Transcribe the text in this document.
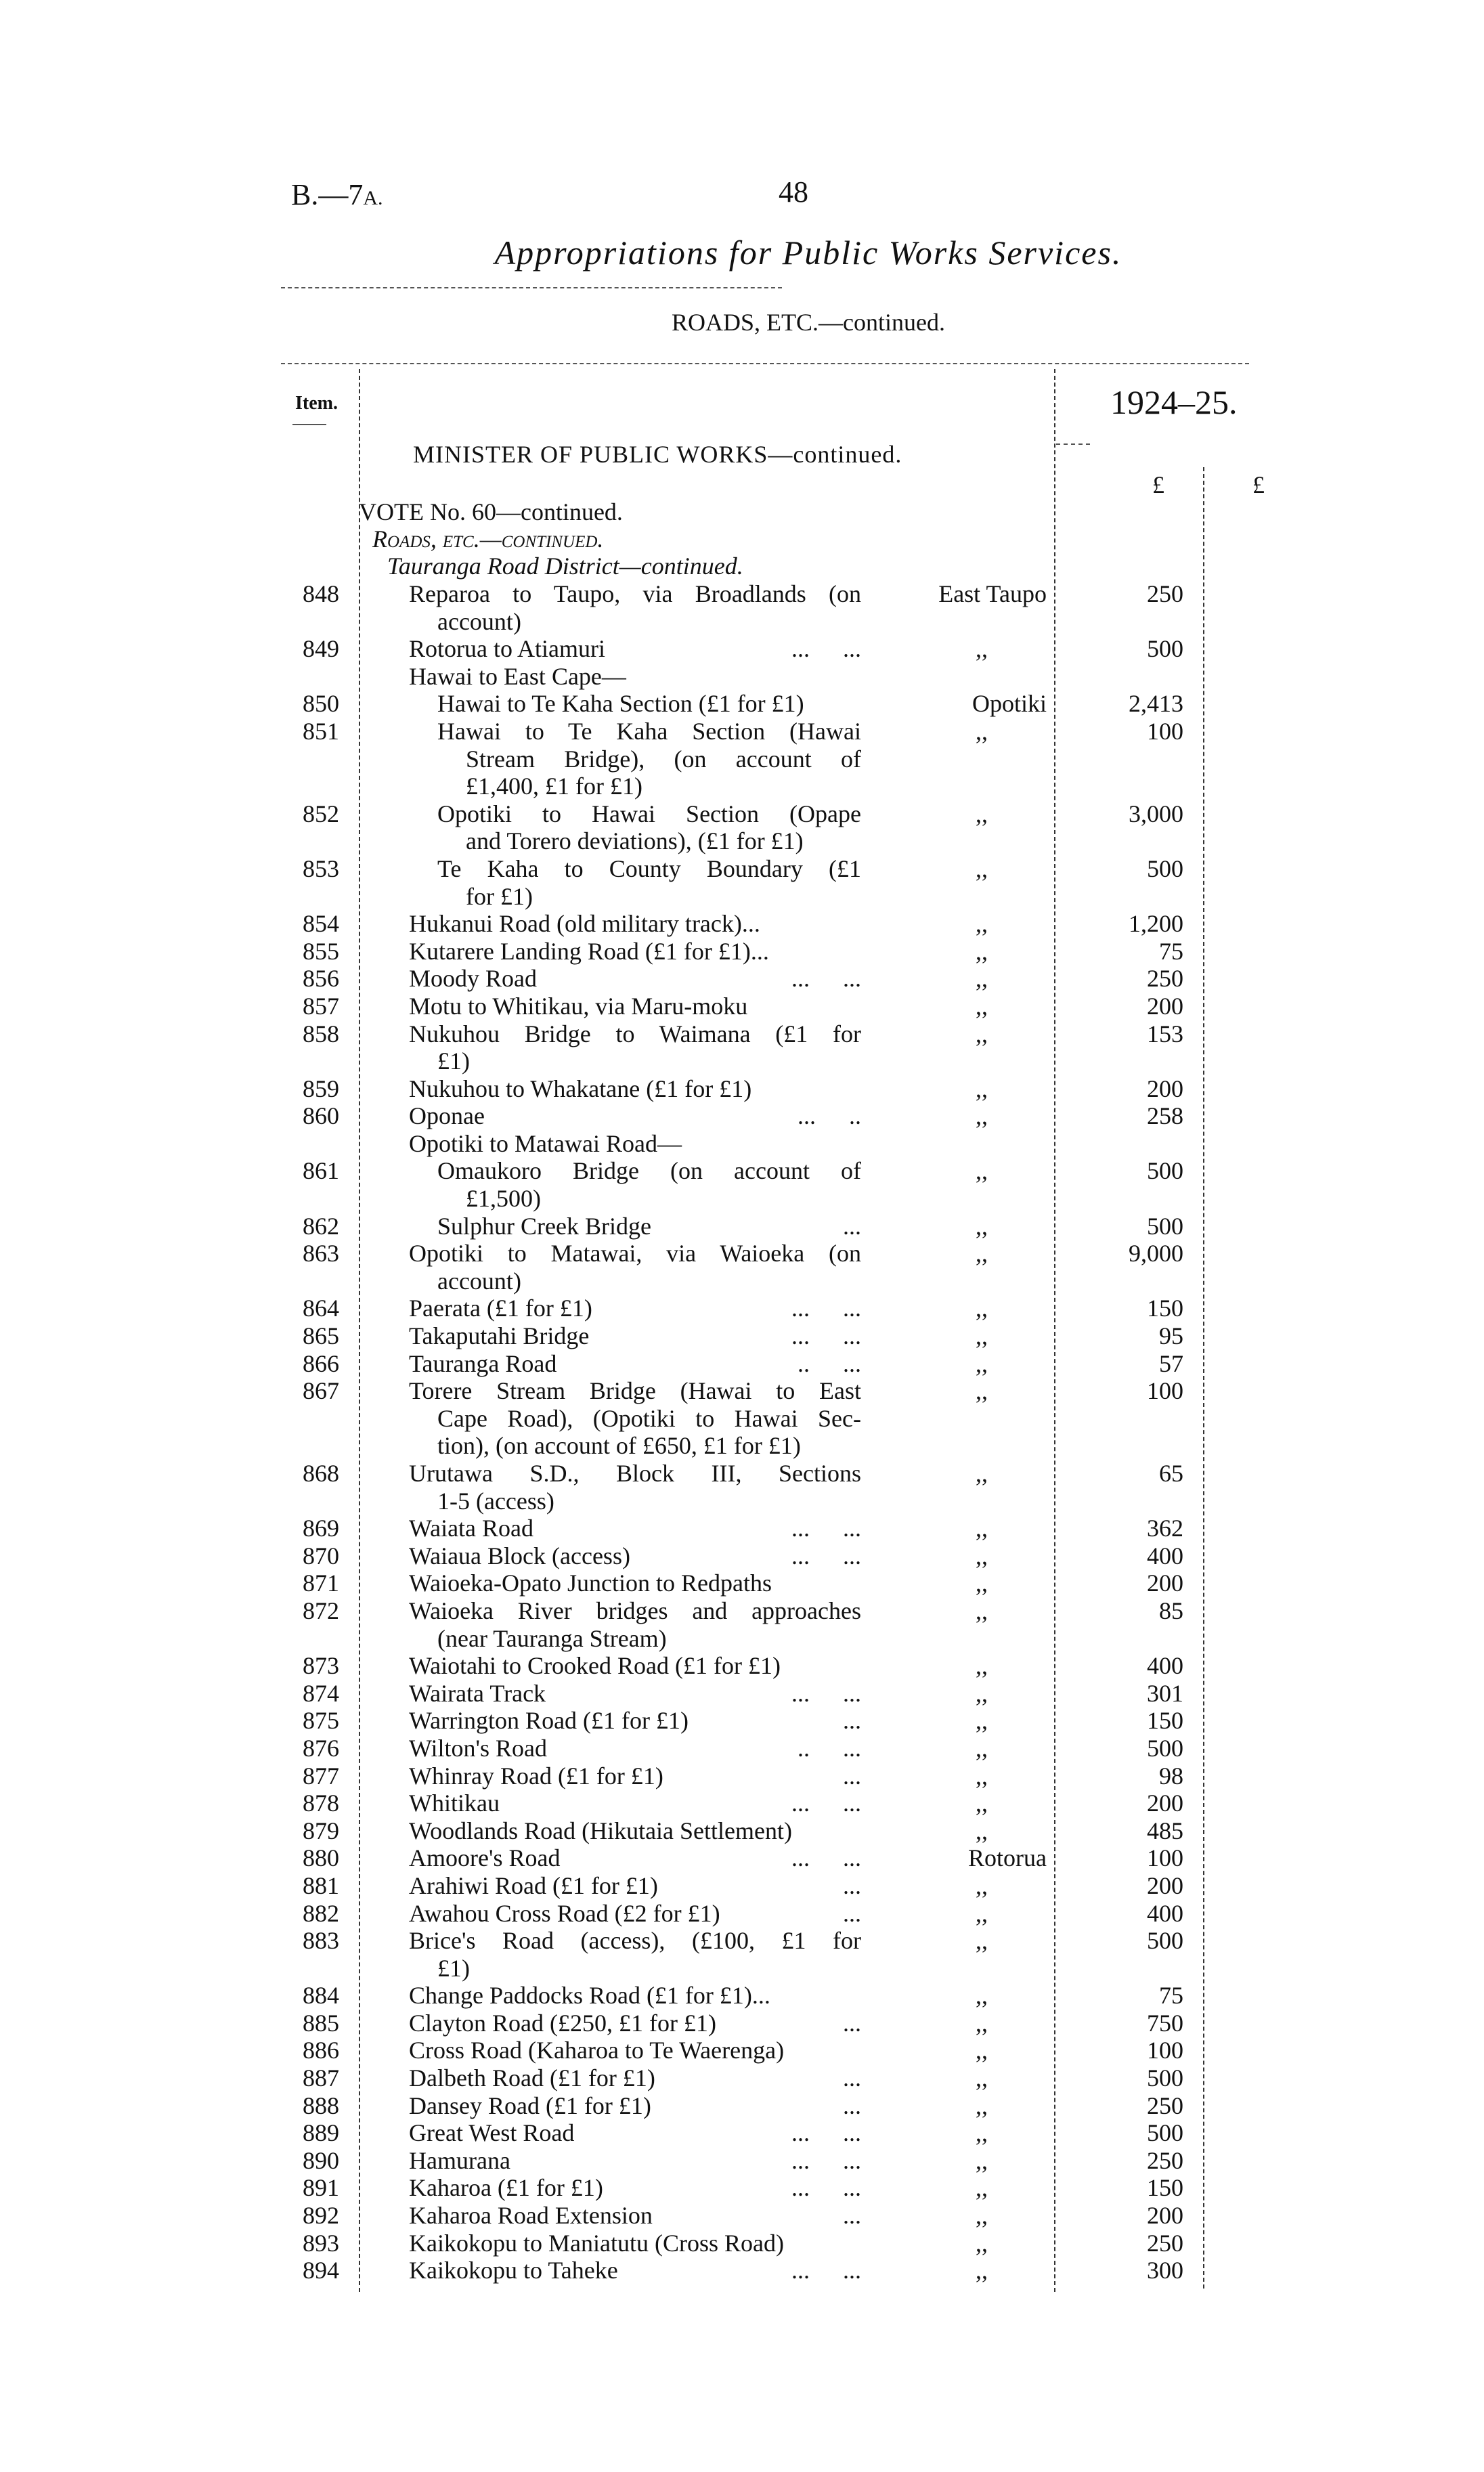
B.—7A.	48
Appropriations for Public Works Services.
ROADS, ETC.—continued.
Item.	1924–25.
£	£
MINISTER OF PUBLIC WORKS—continued.
VOTE No. 60—continued.
Roads, etc.—continued.
Tauranga Road District—continued.
848	Reparoa to Taupo, via Broadlands (on	East Taupo	250
account)
849	Rotorua to Atiamuri	... ...	,,	500
Hawai to East Cape—
850	Hawai to Te Kaha Section (£1 for £1)	Opotiki	2,413
851	Hawai to Te Kaha Section (Hawai	,,	100
Stream Bridge), (on account of
£1,400, £1 for £1)
852	Opotiki to Hawai Section (Opape	,,	3,000
and Torero deviations), (£1 for £1)
853	Te Kaha to County Boundary (£1	,,	500
for £1)
854	Hukanui Road (old military track)...	,,	1,200
855	Kutarere Landing Road (£1 for £1)...	,,	75
856	Moody Road	... ...	,,	250
857	Motu to Whitikau, via Maru-moku	,,	200
858	Nukuhou Bridge to Waimana (£1 for	,,	153
£1)
859	Nukuhou to Whakatane (£1 for £1)	,,	200
860	Oponae	... ..	,,	258
Opotiki to Matawai Road—
861	Omaukoro Bridge (on account of	,,	500
£1,500)
862	Sulphur Creek Bridge	...	,,	500
863	Opotiki to Matawai, via Waioeka (on	,,	9,000
account)
864	Paerata (£1 for £1)	... ...	,,	150
865	Takaputahi Bridge	... ...	,,	95
866	Tauranga Road	.. ...	,,	57
867	Torere Stream Bridge (Hawai to East	,,	100
Cape Road), (Opotiki to Hawai Sec-
tion), (on account of £650, £1 for £1)
868	Urutawa S.D., Block III, Sections	,,	65
1-5 (access)
869	Waiata Road	... ...	,,	362
870	Waiaua Block (access)	... ...	,,	400
871	Waioeka-Opato Junction to Redpaths	,,	200
872	Waioeka River bridges and approaches	,,	85
(near Tauranga Stream)
873	Waiotahi to Crooked Road (£1 for £1)	,,	400
874	Wairata Track	... ...	,,	301
875	Warrington Road (£1 for £1)	...	,,	150
876	Wilton's Road	.. ...	,,	500
877	Whinray Road (£1 for £1)	...	,,	98
878	Whitikau	... ...	,,	200
879	Woodlands Road (Hikutaia Settlement)	,,	485
880	Amoore's Road	... ...	Rotorua	100
881	Arahiwi Road (£1 for £1)	...	,,	200
882	Awahou Cross Road (£2 for £1)	...	,,	400
883	Brice's Road (access), (£100, £1 for	,,	500
£1)
884	Change Paddocks Road (£1 for £1)...	,,	75
885	Clayton Road (£250, £1 for £1)	...	,,	750
886	Cross Road (Kaharoa to Te Waerenga)	,,	100
887	Dalbeth Road (£1 for £1)	...	,,	500
888	Dansey Road (£1 for £1)	...	,,	250
889	Great West Road	... ...	,,	500
890	Hamurana	... ...	,,	250
891	Kaharoa (£1 for £1)	... ...	,,	150
892	Kaharoa Road Extension	...	,,	200
893	Kaikokopu to Maniatutu (Cross Road)	,,	250
894	Kaikokopu to Taheke	... ...	,,	300
